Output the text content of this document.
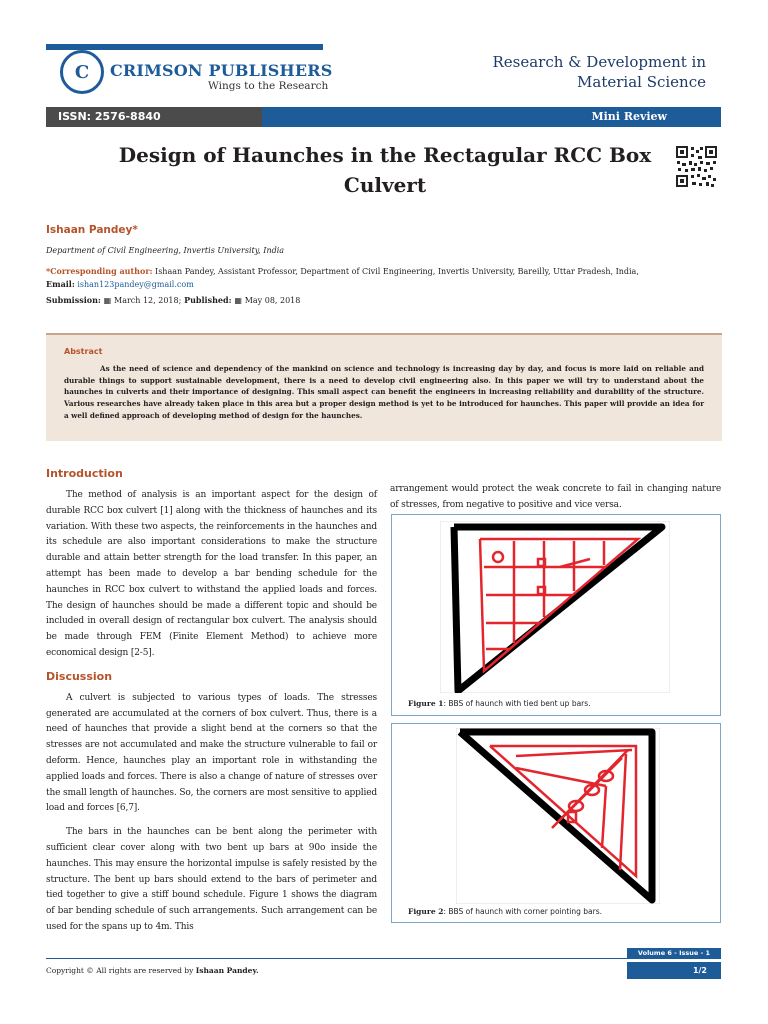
C CRIMSON PUBLISHERS
Wings to the Research
Research & Development in
Material Science
ISSN: 2576-8840	Mini Review
Design of Haunches in the Rectagular RCC Box Culvert
Ishaan Pandey*
Department of Civil Engineering, Invertis University, India
*Corresponding author: Ishaan Pandey, Assistant Professor, Department of Civil Engineering, Invertis University, Bareilly, Uttar Pradesh, India,
Email: ishan123pandey@gmail.com
Submission: ▦ March 12, 2018; Published: ▦ May 08, 2018
Abstract

As the need of science and dependency of the mankind on science and technology is increasing day by day, and focus is more laid on reliable and durable things to support sustainable development, there is a need to develop civil engineering also. In this paper we will try to understand about the haunches in culverts and their importance of designing. This small aspect can benefit the engineers in increasing reliability and durability of the structure. Various researches have already taken place in this area but a proper design method is yet to be introduced for haunches. This paper will provide an idea for a well defined approach of developing method of design for the haunches.

Introduction

The method of analysis is an important aspect for the design of durable RCC box culvert [1] along with the thickness of haunches and its variation. With these two aspects, the reinforcements in the haunches and its schedule are also important considerations to make the structure durable and attain better strength for the load transfer. In this paper, an attempt has been made to develop a bar bending schedule for the haunches in RCC box culvert to withstand the applied loads and forces. The design of haunches should be made a different topic and should be included in overall design of rectangular box culvert. The analysis should be made through FEM (Finite Element Method) to achieve more economical design [2-5].

Discussion

A culvert is subjected to various types of loads. The stresses generated are accumulated at the corners of box culvert. Thus, there is a need of haunches that provide a slight bend at the corners so that the stresses are not accumulated and make the structure vulnerable to fail or deform. Hence, haunches play an important role in withstanding the applied loads and forces. There is also a change of nature of stresses over the small length of haunches. So, the corners are most sensitive to applied load and forces [6,7].

The bars in the haunches can be bent along the perimeter with sufficient clear cover along with two bent up bars at 90o inside the haunches. This may ensure the horizontal impulse is safely resisted by the structure. The bent up bars should extend to the bars of perimeter and tied together to give a stiff bound schedule. Figure 1 shows the diagram of bar bending schedule of such arrangements. Such arrangement can be used for the spans up to 4m. This

arrangement would protect the weak concrete to fail in changing nature of stresses, from negative to positive and vice versa.

Figure 1: BBS of haunch with tied bent up bars.
Figure 2: BBS of haunch with corner pointing bars.
Volume 6 - Issue - 1
Copyright © All rights are reserved by Ishaan Pandey.	1/2
